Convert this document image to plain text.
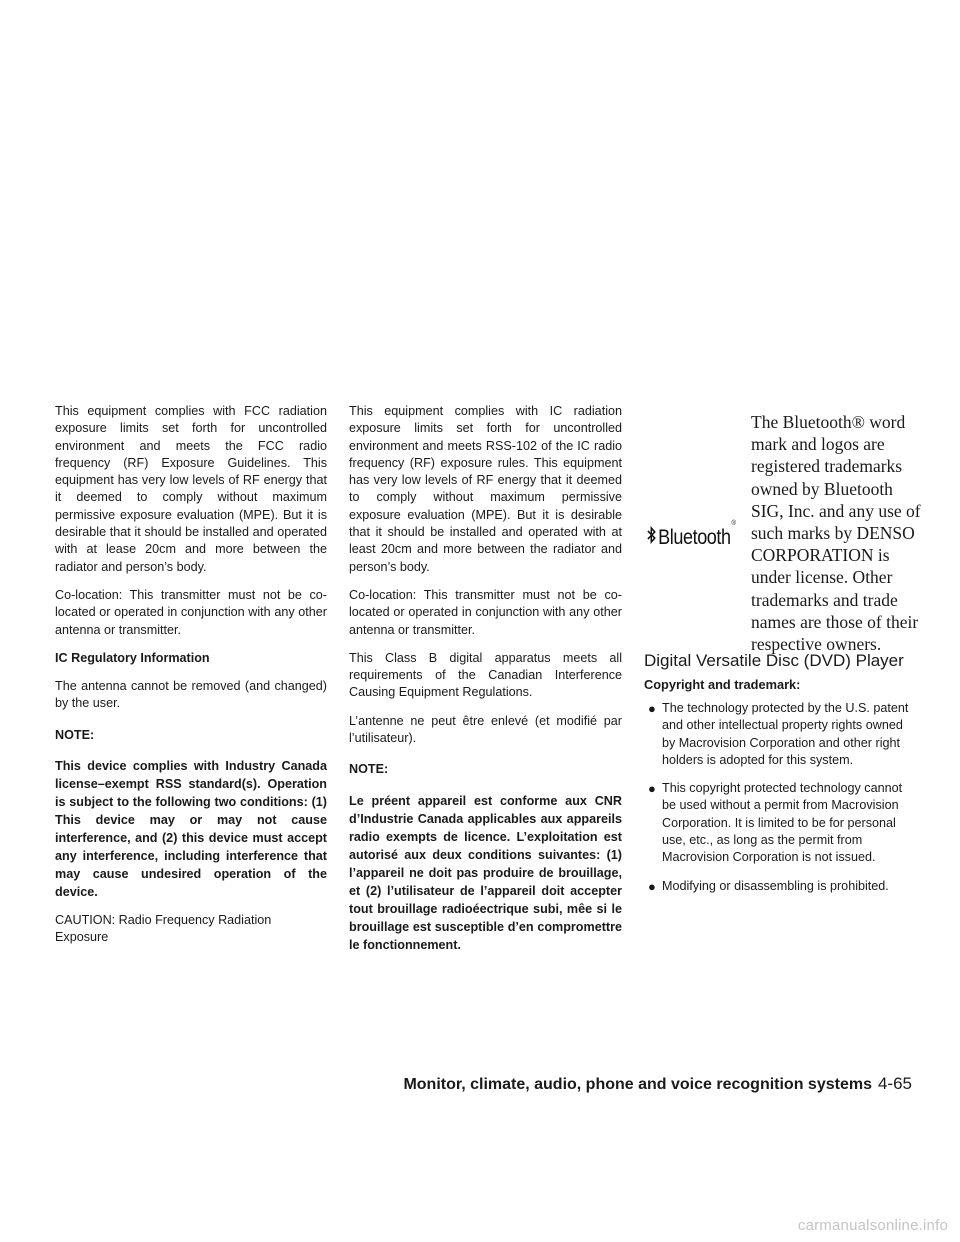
This equipment complies with FCC radiation exposure limits set forth for uncontrolled environment and meets the FCC radio frequency (RF) Exposure Guidelines. This equipment has very low levels of RF energy that it deemed to comply without maximum permissive exposure evaluation (MPE). But it is desirable that it should be installed and operated with at lease 20cm and more between the radiator and person’s body.

Co-location: This transmitter must not be co-located or operated in conjunction with any other antenna or transmitter.

IC Regulatory Information

The antenna cannot be removed (and changed) by the user.

NOTE:

This device complies with Industry Canada license–exempt RSS standard(s). Operation is subject to the following two conditions: (1) This device may or may not cause interference, and (2) this device must accept any interference, including interference that may cause undesired operation of the device.

CAUTION: Radio Frequency Radiation Exposure

This equipment complies with IC radiation exposure limits set forth for uncontrolled environment and meets RSS-102 of the IC radio frequency (RF) exposure rules. This equipment has very low levels of RF energy that it deemed to comply without maximum permissive exposure evaluation (MPE). But it is desirable that it should be installed and operated with at least 20cm and more between the radiator and person’s body.

Co-location: This transmitter must not be co-located or operated in conjunction with any other antenna or transmitter.

This Class B digital apparatus meets all requirements of the Canadian Interference Causing Equipment Regulations.

L’antenne ne peut être enlevé (et modifié par l’utilisateur).

NOTE:

Le préent appareil est conforme aux CNR d’Industrie Canada applicables aux appareils radio exempts de licence. L’exploitation est autorisé aux deux conditions suivantes: (1) l’appareil ne doit pas produire de brouillage, et (2) l’utilisateur de l’appareil doit accepter tout brouillage radioéectrique subi, mêe si le brouillage est susceptible d’en compromettre le fonctionnement.

Bluetooth
®
The Bluetooth® word mark and logos are registered trademarks owned by Bluetooth SIG, Inc. and any use of such marks by DENSO CORPORATION is under license. Other trademarks and trade names are those of their respective owners.
Digital Versatile Disc (DVD) Player
Copyright and trademark:
● The technology protected by the U.S. patent and other intellectual property rights owned by Macrovision Corporation and other right holders is adopted for this system.
● This copyright protected technology cannot be used without a permit from Macrovision Corporation. It is limited to be for personal use, etc., as long as the permit from Macrovision Corporation is not issued.
● Modifying or disassembling is prohibited.
Monitor, climate, audio, phone and voice recognition systems 4-65
carmanualsonline.info
